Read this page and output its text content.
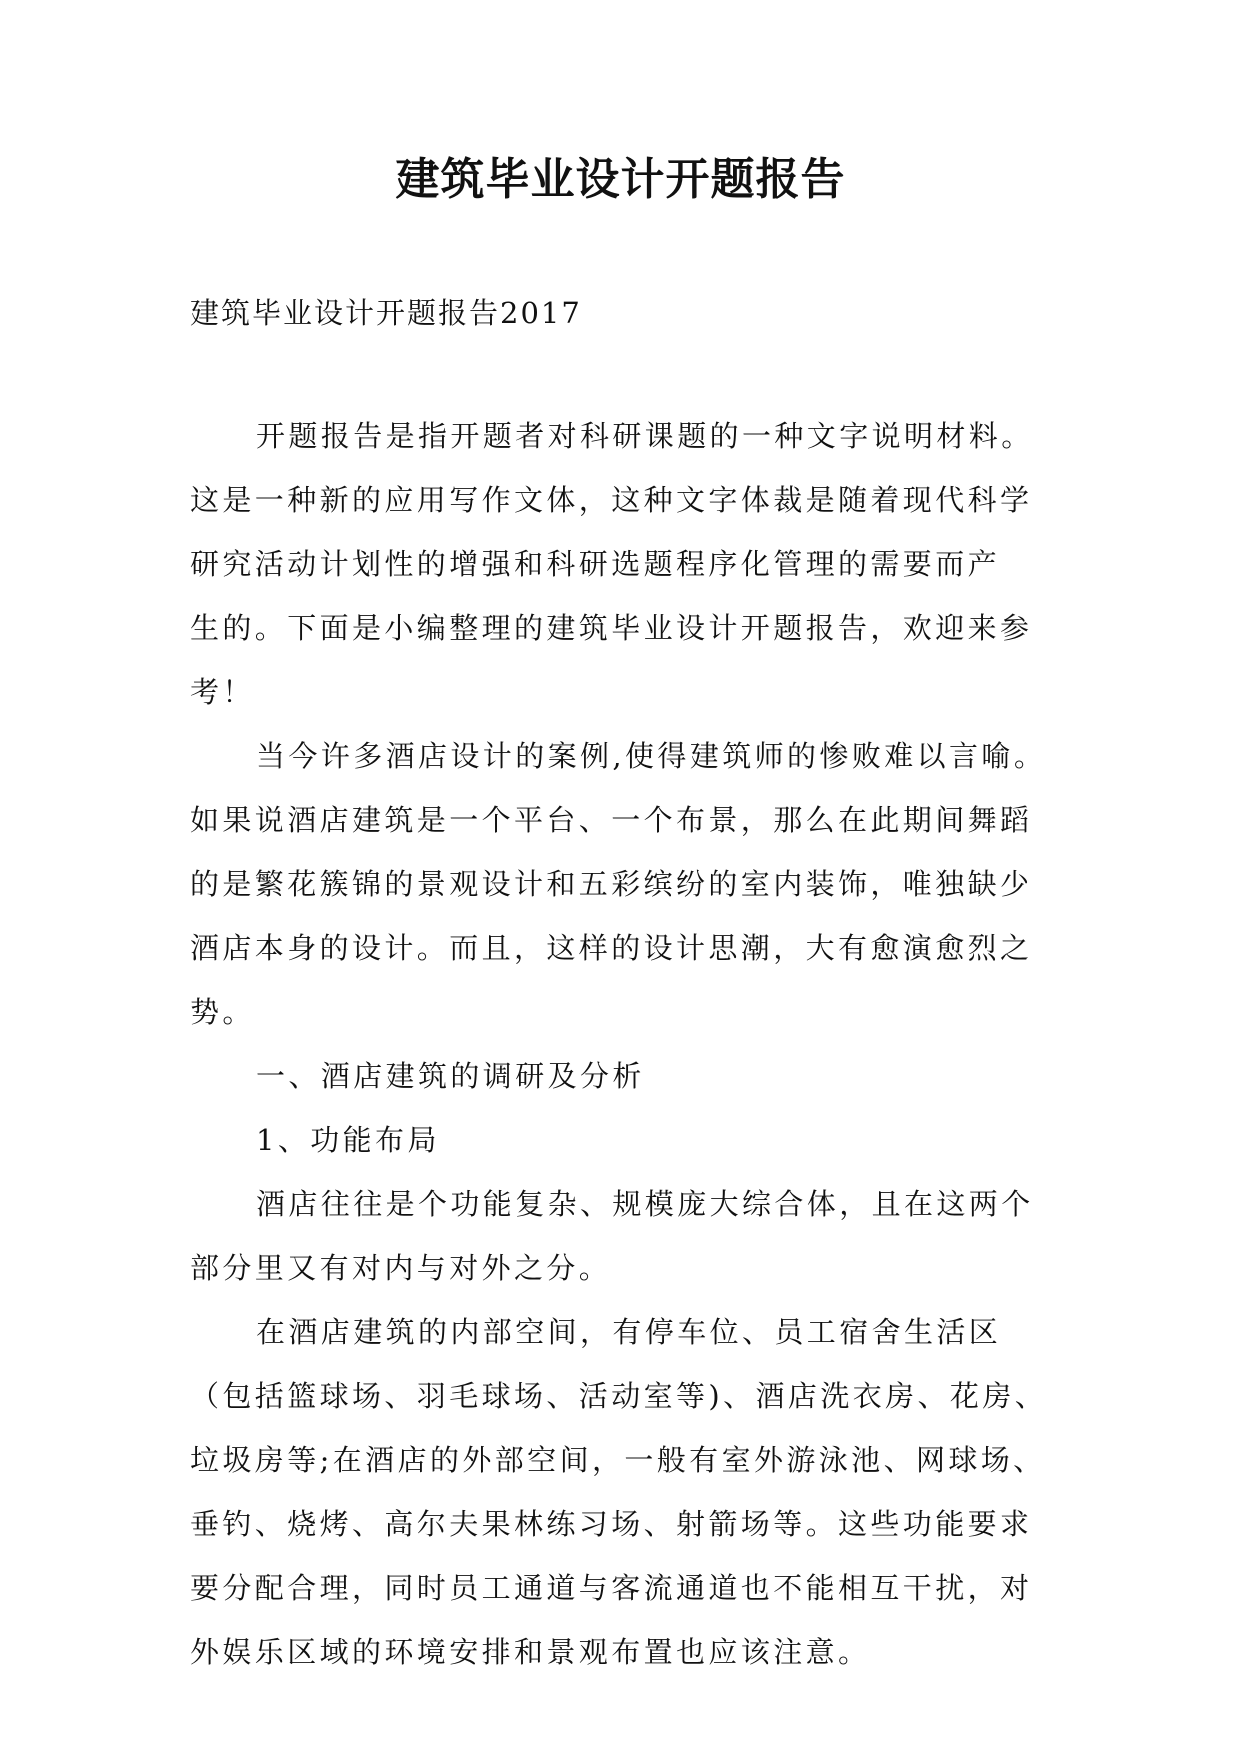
建筑毕业设计开题报告
建筑毕业设计开题报告2017
开题报告是指开题者对科研课题的一种文字说明材料。
这是一种新的应用写作文体，这种文字体裁是随着现代科学
研究活动计划性的增强和科研选题程序化管理的需要而产
生的。下面是小编整理的建筑毕业设计开题报告，欢迎来参
考！
当今许多酒店设计的案例,使得建筑师的惨败难以言喻。
如果说酒店建筑是一个平台、一个布景，那么在此期间舞蹈
的是繁花簇锦的景观设计和五彩缤纷的室内装饰，唯独缺少
酒店本身的设计。而且，这样的设计思潮，大有愈演愈烈之
势。
一、酒店建筑的调研及分析
1、功能布局
酒店往往是个功能复杂、规模庞大综合体，且在这两个
部分里又有对内与对外之分。
在酒店建筑的内部空间，有停车位、员工宿舍生活区
（包括篮球场、羽毛球场、活动室等)、酒店洗衣房、花房、
垃圾房等;在酒店的外部空间，一般有室外游泳池、网球场、
垂钓、烧烤、高尔夫果林练习场、射箭场等。这些功能要求
要分配合理，同时员工通道与客流通道也不能相互干扰，对
外娱乐区域的环境安排和景观布置也应该注意。
